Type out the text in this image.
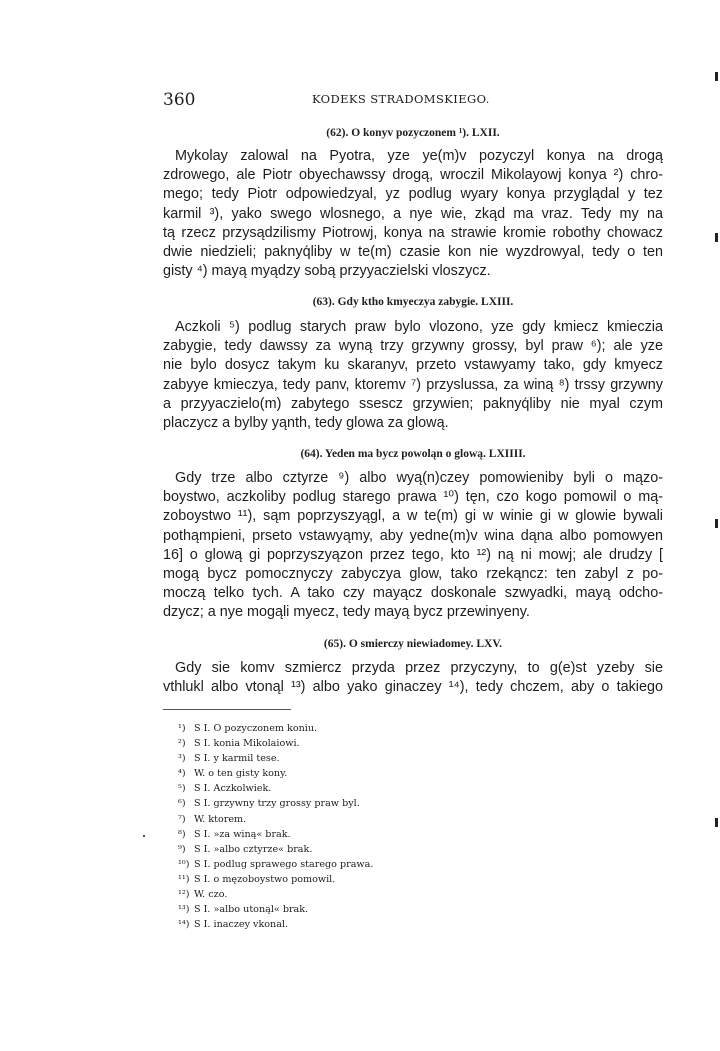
360	KODEKS STRADOMSKIEGO.
(62). O konyv pozyczonem ¹). LXII.

Mykolay zalowal na Pyotra, yze ye(m)v pozyczyl konya na drogą
zdrowego, ale Piotr obyechawssy drogą, wroczil Mikolayowj konya ²) chro-
mego; tedy Piotr odpowiedzyal, yz podlug wyary konya przyglądal y tez
karmil ³), yako swego wlosnego, a nye wie, zkąd ma vraz. Tedy my na
tą rzecz przysądzilismy Piotrowj, konya na strawie kromie robothy chowacz
dwie niedzieli; paknyq́liby w te(m) czasie kon nie wyzdrowyal, tedy o ten
gisty ⁴) mayą myądzy sobą przyyaczielski vloszycz.

(63). Gdy ktho kmyeczya zabygie. LXIII.

Aczkoli ⁵) podlug starych praw bylo vlozono, yze gdy kmiecz kmieczia
zabygie, tedy dawssy za wyną trzy grzywny grossy, byl praw ⁶); ale yze
nie bylo dosycz takym ku skaranyv, przeto vstawyamy tako, gdy kmyecz
zabyye kmieczya, tedy panv, ktoremv ⁷) przyslussa, za winą ⁸) trssy grzywny
a przyyaczielo(m) zabytego ssescz grzywien; paknyq́liby nie myal czym
placzycz a bylby yąnth, tedy glowa za glową.

(64). Yeden ma bycz powoląn o glową. LXIIII.

Gdy trze albo cztyrze ⁹) albo wyą(n)czey pomowieniby byli o mązo-
boystwo, aczkoliby podlug starego prawa ¹⁰) tęn, czo kogo pomowil o mą-
zoboystwo ¹¹), sąm poprzyszyągl, a w te(m) gi w winie gi w glowie bywali
pothąmpieni, prseto vstawyąmy, aby yedne(m)v wina dąna albo pomowyen
16] o glową gi poprzyszyązon przez tego, kto ¹²) ną ni mowj; ale drudzy [
mogą bycz pomocznyczy zabyczya glow, tako rzekąncz: ten zabyl z po-
moczą telko tych. A tako czy mayącz doskonale szwyadki, mayą odcho-
dzycz; a nye mogąli myecz, tedy mayą bycz przewinyeny.

(65). O smierczy niewiadomey. LXV.

Gdy sie komv szmiercz przyda przez przyczyny, to g(e)st yzeby sie
vthlukl albo vtonąl ¹³) albo yako ginaczey ¹⁴), tedy chczem, aby o takiego

¹) S I. O pozyczonem koniu.
²) S I. konia Mikolaiowi.
³) S I. y karmil tese.
⁴) W. o ten gisty kony.
⁵) S I. Aczkolwiek.
⁶) S I. grzywny trzy grossy praw byl.
⁷) W. ktorem.
⁸) S I. »za winą« brak.
⁹) S I. »albo cztyrze« brak.
¹⁰) S I. podlug sprawego starego prawa.
¹¹) S I. o męzoboystwo pomowil.
¹²) W. czo.
¹³) S I. »albo utonąl« brak.
¹⁴) S I. inaczey vkonal.
